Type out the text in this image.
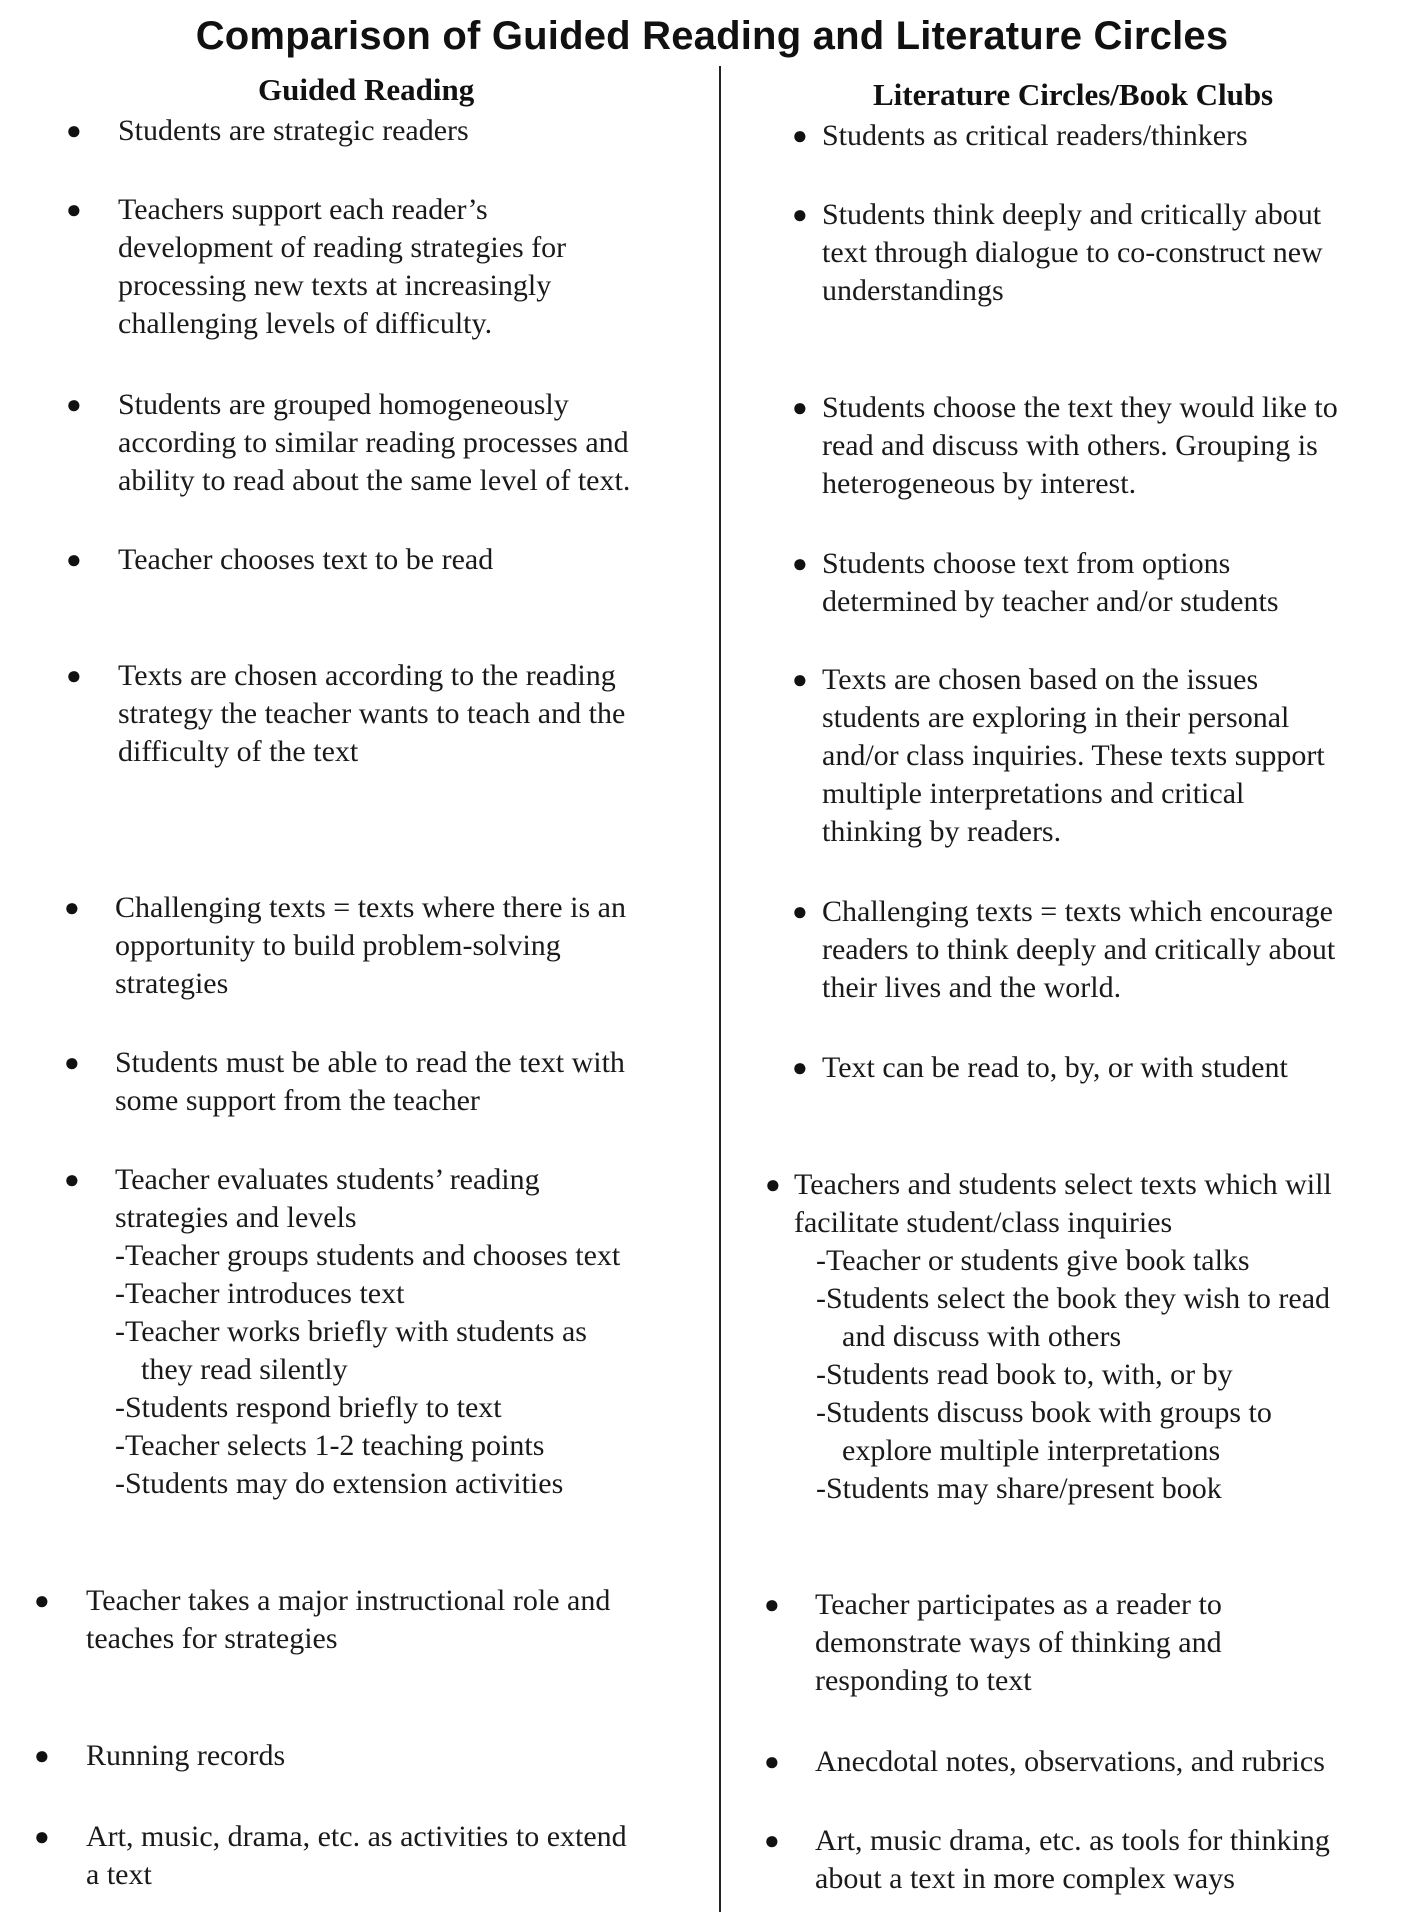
Comparison of Guided Reading and Literature Circles
Guided Reading	Literature Circles/Book Clubs
● Students are strategic readers
● Teachers support each reader’s
development of reading strategies for
processing new texts at increasingly
challenging levels of difficulty.
● Students are grouped homogeneously
according to similar reading processes and
ability to read about the same level of text.
● Teacher chooses text to be read
● Texts are chosen according to the reading
strategy the teacher wants to teach and the
difficulty of the text
● Challenging texts = texts where there is an
opportunity to build problem-solving
strategies
● Students must be able to read the text with
some support from the teacher
● Teacher evaluates students’ reading
strategies and levels
-Teacher groups students and chooses text
-Teacher introduces text
-Teacher works briefly with students as
they read silently
-Students respond briefly to text
-Teacher selects 1-2 teaching points
-Students may do extension activities
● Teacher takes a major instructional role and
teaches for strategies
● Running records
● Art, music, drama, etc. as activities to extend
a text
● Students as critical readers/thinkers
● Students think deeply and critically about
text through dialogue to co-construct new
understandings
● Students choose the text they would like to
read and discuss with others. Grouping is
heterogeneous by interest.
● Students choose text from options
determined by teacher and/or students
● Texts are chosen based on the issues
students are exploring in their personal
and/or class inquiries. These texts support
multiple interpretations and critical
thinking by readers.
● Challenging texts = texts which encourage
readers to think deeply and critically about
their lives and the world.
● Text can be read to, by, or with student
● Teachers and students select texts which will
facilitate student/class inquiries
-Teacher or students give book talks
-Students select the book they wish to read
and discuss with others
-Students read book to, with, or by
-Students discuss book with groups to
explore multiple interpretations
-Students may share/present book
● Teacher participates as a reader to
demonstrate ways of thinking and
responding to text
● Anecdotal notes, observations, and rubrics
● Art, music drama, etc. as tools for thinking
about a text in more complex ways
